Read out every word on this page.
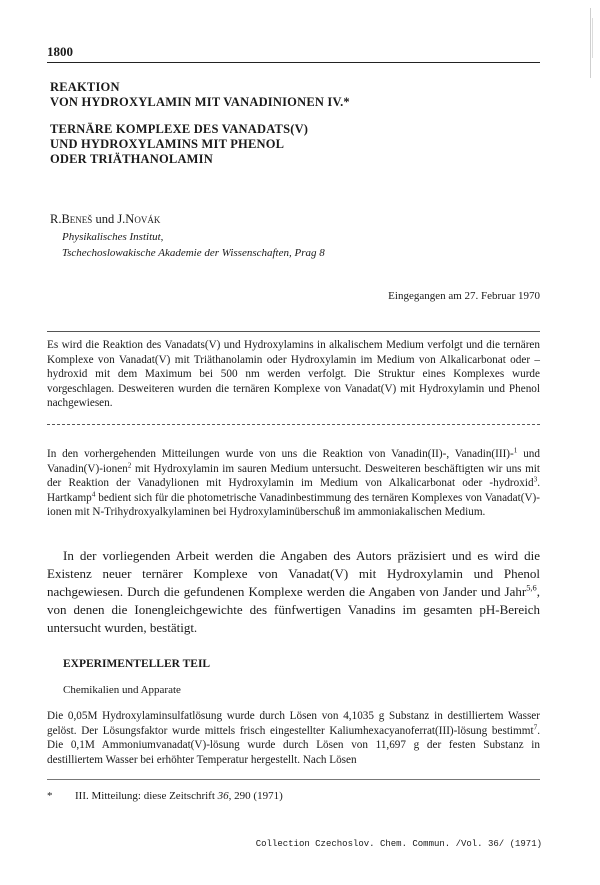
1800
REAKTION
VON HYDROXYLAMIN MIT VANADINIONEN IV.*
TERNÄRE KOMPLEXE DES VANADATS(V)
UND HYDROXYLAMINS MIT PHENOL
ODER TRIÄTHANOLAMIN
R.Beneš und J.Novák
Physikalisches Institut,
Tschechoslowakische Akademie der Wissenschaften, Prag 8
Eingegangen am 27. Februar 1970

Es wird die Reaktion des Vanadats(V) und Hydroxylamins in alkalischem Medium verfolgt und die ternären Komplexe von Vanadat(V) mit Triäthanolamin oder Hydroxylamin im Medium von Alkalicarbonat oder – hydroxid mit dem Maximum bei 500 nm werden verfolgt. Die Struktur eines Komplexes wurde vorgeschlagen. Desweiteren wurden die ternären Komplexe von Vanadat(V) mit Hydroxylamin und Phenol nachgewiesen.

In den vorhergehenden Mitteilungen wurde von uns die Reaktion von Vanadin(II)-, Vanadin(III)-$^1$ und Vanadin(V)-ionen$^2$ mit Hydroxylamin im sauren Medium untersucht. Desweiteren beschäftigten wir uns mit der Reaktion der Vanadylionen mit Hydroxylamin im Medium von Alkalicarbonat oder -hydroxid$^3$. Hartkamp$^4$ bedient sich für die photometrische Vanadinbestimmung des ternären Komplexes von Vanadat(V)-ionen mit N-Trihydroxyalkylaminen bei Hydroxylaminüberschuß im ammoniakalischen Medium.

In der vorliegenden Arbeit werden die Angaben des Autors präzisiert und es wird die Existenz neuer ternärer Komplexe von Vanadat(V) mit Hydroxylamin und Phenol nachgewiesen. Durch die gefundenen Komplexe werden die Angaben von Jander und Jahr$^{5,6}$, von denen die Ionengleichgewichte des fünfwertigen Vanadins im gesamten pH-Bereich untersucht wurden, bestätigt.

EXPERIMENTELLER TEIL
Chemikalien und Apparate

Die 0,05M Hydroxylaminsulfatlösung wurde durch Lösen von 4,1035 g Substanz in destilliertem Wasser gelöst. Der Lösungsfaktor wurde mittels frisch eingestellter Kaliumhexacyanoferrat(III)-lösung bestimmt$^7$. Die 0,1M Ammoniumvanadat(V)-lösung wurde durch Lösen von 11,697 g der festen Substanz in destilliertem Wasser bei erhöhter Temperatur hergestellt. Nach Lösen

* III. Mitteilung: diese Zeitschrift 36, 290 (1971)
Collection Czechoslov. Chem. Commun. /Vol. 36/ (1971)
